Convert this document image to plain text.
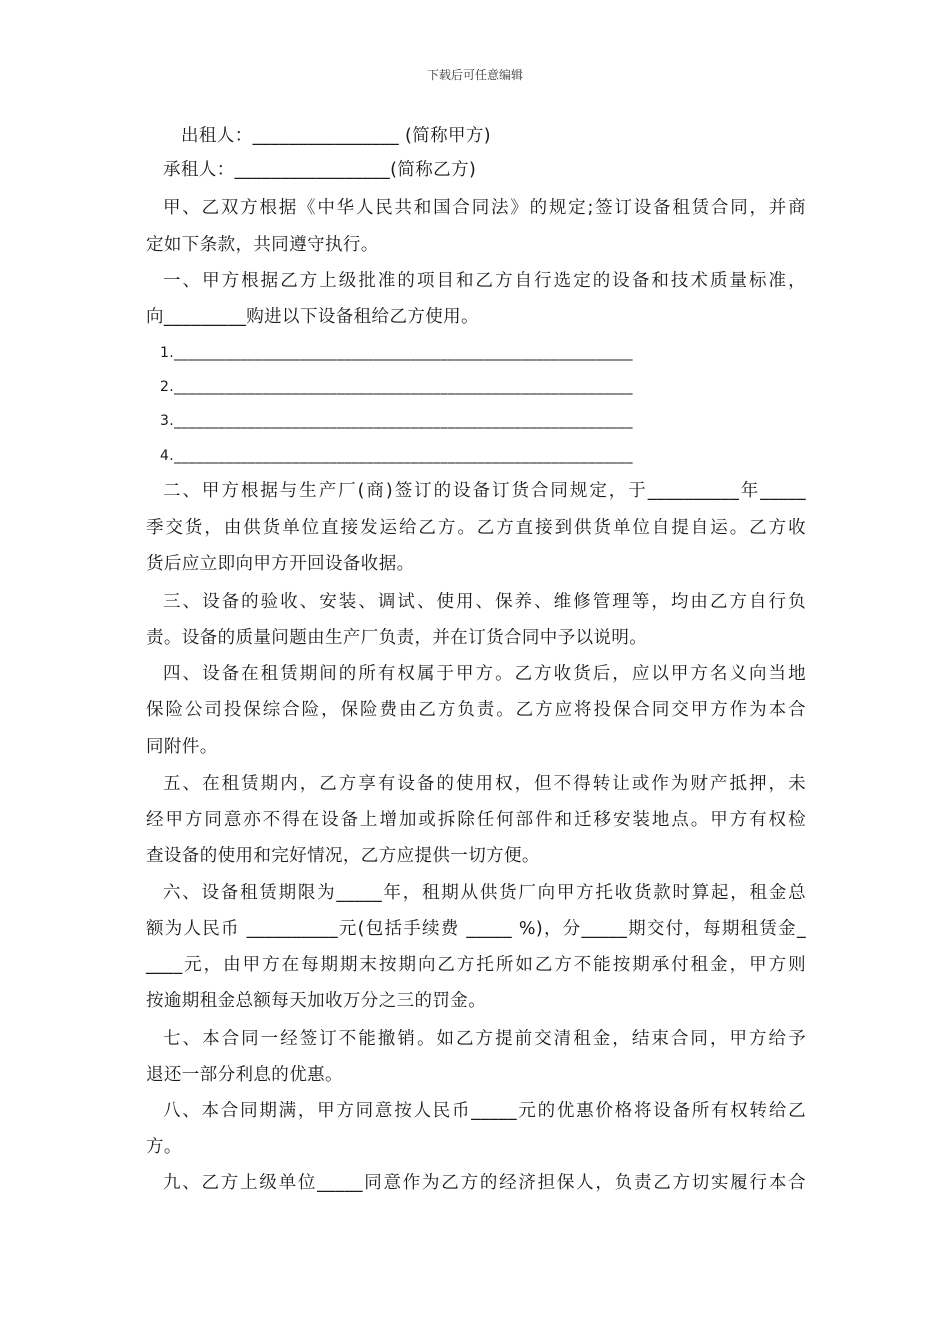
下载后可任意编辑
出租人：________________ (简称甲方)
承租人：_________________(简称乙方)
甲、乙双方根据《中华人民共和国合同法》的规定;签订设备租赁合同，并商
定如下条款，共同遵守执行。
一、甲方根据乙方上级批准的项目和乙方自行选定的设备和技术质量标准，
向_________购进以下设备租给乙方使用。
1.______________________________________________________________
2.______________________________________________________________
3.______________________________________________________________
4.______________________________________________________________
二、甲方根据与生产厂(商)签订的设备订货合同规定，于__________年_____
季交货，由供货单位直接发运给乙方。乙方直接到供货单位自提自运。乙方收
货后应立即向甲方开回设备收据。
三、设备的验收、安装、调试、使用、保养、维修管理等，均由乙方自行负
责。设备的质量问题由生产厂负责，并在订货合同中予以说明。
四、设备在租赁期间的所有权属于甲方。乙方收货后，应以甲方名义向当地
保险公司投保综合险，保险费由乙方负责。乙方应将投保合同交甲方作为本合
同附件。
五、在租赁期内，乙方享有设备的使用权，但不得转让或作为财产抵押，未
经甲方同意亦不得在设备上增加或拆除任何部件和迁移安装地点。甲方有权检
查设备的使用和完好情况，乙方应提供一切方便。
六、设备租赁期限为_____年，租期从供货厂向甲方托收货款时算起，租金总
额为人民币 __________元(包括手续费 _____ %)，分_____期交付，每期租赁金_
____元，由甲方在每期期末按期向乙方托所如乙方不能按期承付租金，甲方则
按逾期租金总额每天加收万分之三的罚金。
七、本合同一经签订不能撤销。如乙方提前交清租金，结束合同，甲方给予
退还一部分利息的优惠。
八、本合同期满，甲方同意按人民币_____元的优惠价格将设备所有权转给乙
方。
九、乙方上级单位_____同意作为乙方的经济担保人，负责乙方切实履行本合
